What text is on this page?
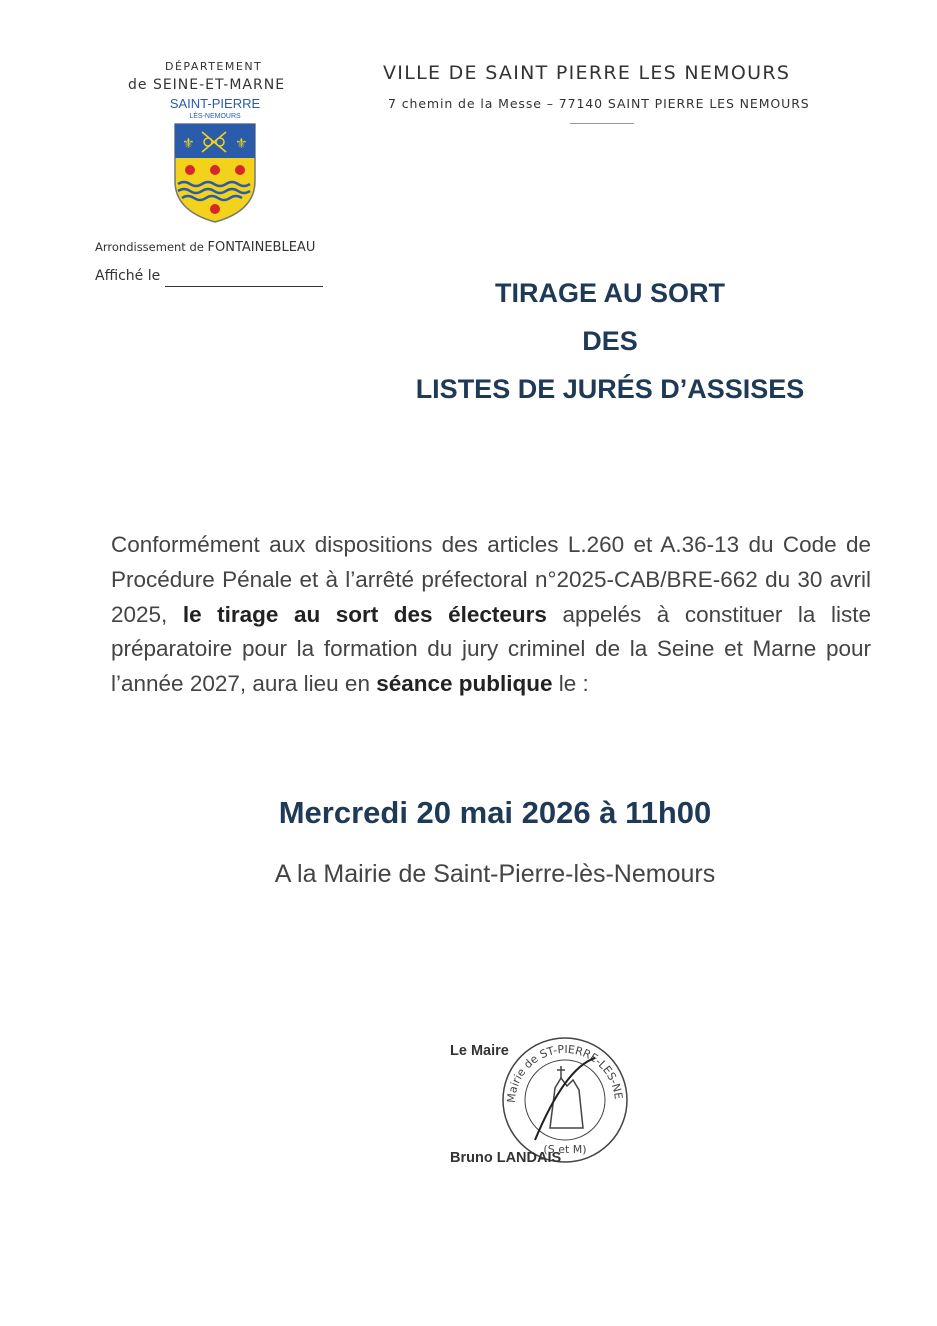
DÉPARTEMENT
de SEINE-ET-MARNE
SAINT-PIERRE
LÈS-NEMOURS
⚜	⚜
Arrondissement de FONTAINEBLEAU
Affiché le
VILLE DE SAINT PIERRE LES NEMOURS
7 chemin de la Messe – 77140 SAINT PIERRE LES NEMOURS
TIRAGE AU SORT
DES
LISTES DE JURÉS D’ASSISES
Conformément aux dispositions des articles L.260 et A.36-13 du Code de Procédure Pénale et à l’arrêté préfectoral n°2025-CAB/BRE-662 du 30 avril 2025, le tirage au sort des électeurs appelés à constituer la liste préparatoire pour la formation du jury criminel de la Seine et Marne pour l’année 2027, aura lieu en séance publique le :
Mercredi 20 mai 2026 à 11h00
A la Mairie de Saint-Pierre-lès-Nemours
Mairie de ST-PIERRE-LES-NE
(S et M)
Le Maire
Bruno LANDAIS
